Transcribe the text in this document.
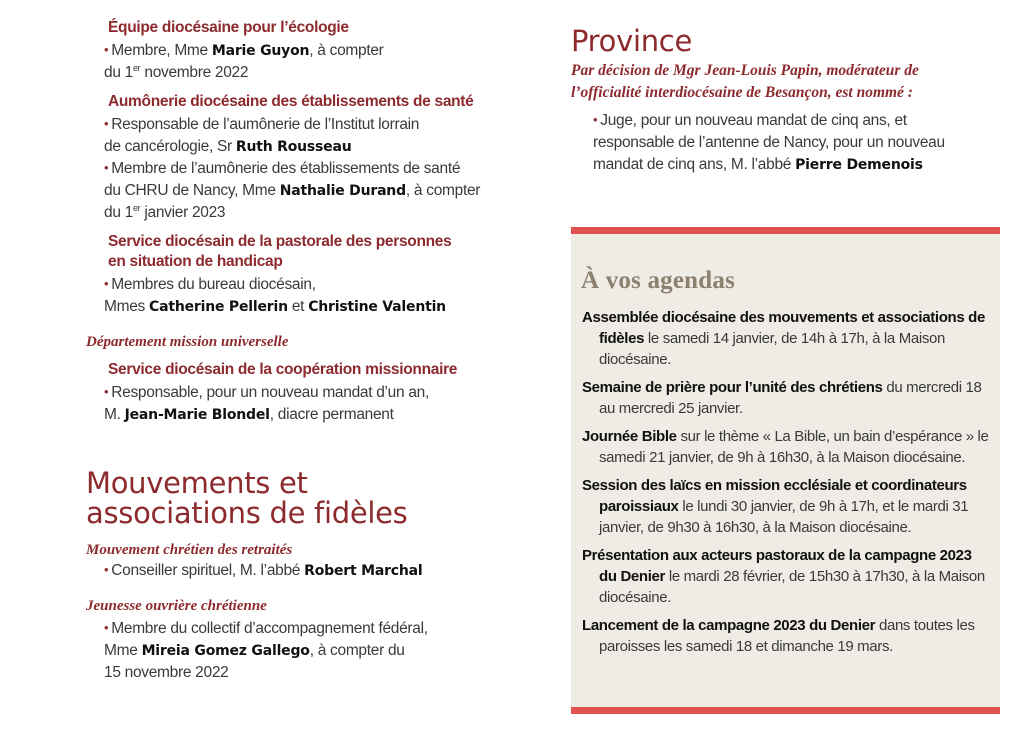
Équipe diocésaine pour l’écologie
• Membre, Mme Marie Guyon, à compter
du 1er novembre 2022
Aumônerie diocésaine des établissements de santé
• Responsable de l’aumônerie de l’Institut lorrain
de cancérologie, Sr Ruth Rousseau
• Membre de l’aumônerie des établissements de santé
du CHRU de Nancy, Mme Nathalie Durand, à compter
du 1er janvier 2023
Service diocésain de la pastorale des personnes
en situation de handicap
• Membres du bureau diocésain,
Mmes Catherine Pellerin et Christine Valentin
Département mission universelle
Service diocésain de la coopération missionnaire
• Responsable, pour un nouveau mandat d’un an,
M. Jean-Marie Blondel, diacre permanent
Mouvements et
associations de fidèles
Mouvement chrétien des retraités
• Conseiller spirituel, M. l’abbé Robert Marchal
Jeunesse ouvrière chrétienne
• Membre du collectif d’accompagnement fédéral,
Mme Mireia Gomez Gallego, à compter du
15 novembre 2022
Province
Par décision de Mgr Jean-Louis Papin, modérateur de
l’officialité interdiocésaine de Besançon, est nommé :
• Juge, pour un nouveau mandat de cinq ans, et
responsable de l’antenne de Nancy, pour un nouveau
mandat de cinq ans, M. l’abbé Pierre Demenois
À vos agendas
Assemblée diocésaine des mouvements et associations de fidèles le samedi 14 janvier, de 14h à 17h, à la Maison diocésaine.
Semaine de prière pour l’unité des chrétiens du mercredi 18 au mercredi 25 janvier.
Journée Bible sur le thème « La Bible, un bain d’espérance » le samedi 21 janvier, de 9h à 16h30, à la Maison diocésaine.
Session des laïcs en mission ecclésiale et coordinateurs paroissiaux le lundi 30 janvier, de 9h à 17h, et le mardi 31 janvier, de 9h30 à 16h30, à la Maison diocésaine.
Présentation aux acteurs pastoraux de la campagne 2023 du Denier le mardi 28 février, de 15h30 à 17h30, à la Maison diocésaine.
Lancement de la campagne 2023 du Denier dans toutes les paroisses les samedi 18 et dimanche 19 mars.
